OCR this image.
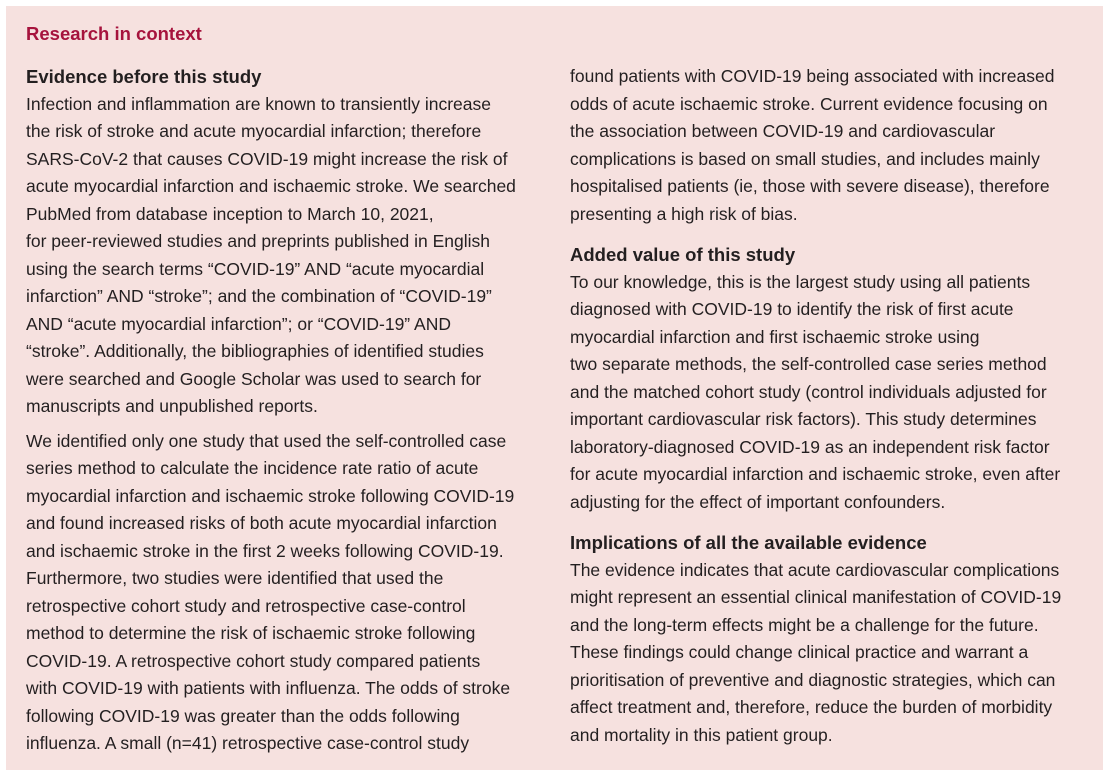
Research in context
Evidence before this study
Infection and inflammation are known to transiently increase
the risk of stroke and acute myocardial infarction; therefore
SARS-CoV-2 that causes COVID-19 might increase the risk of
acute myocardial infarction and ischaemic stroke. We searched
PubMed from database inception to March 10, 2021,
for peer-reviewed studies and preprints published in English
using the search terms “COVID-19” AND “acute myocardial
infarction” AND “stroke”; and the combination of “COVID-19”
AND “acute myocardial infarction”; or “COVID-19” AND
“stroke”. Additionally, the bibliographies of identified studies
were searched and Google Scholar was used to search for
manuscripts and unpublished reports.
We identified only one study that used the self-controlled case
series method to calculate the incidence rate ratio of acute
myocardial infarction and ischaemic stroke following COVID-19
and found increased risks of both acute myocardial infarction
and ischaemic stroke in the first 2 weeks following COVID-19.
Furthermore, two studies were identified that used the
retrospective cohort study and retrospective case-control
method to determine the risk of ischaemic stroke following
COVID-19. A retrospective cohort study compared patients
with COVID-19 with patients with influenza. The odds of stroke
following COVID-19 was greater than the odds following
influenza. A small (n=41) retrospective case-control study
found patients with COVID-19 being associated with increased
odds of acute ischaemic stroke. Current evidence focusing on
the association between COVID-19 and cardiovascular
complications is based on small studies, and includes mainly
hospitalised patients (ie, those with severe disease), therefore
presenting a high risk of bias.
Added value of this study
To our knowledge, this is the largest study using all patients
diagnosed with COVID-19 to identify the risk of first acute
myocardial infarction and first ischaemic stroke using
two separate methods, the self-controlled case series method
and the matched cohort study (control individuals adjusted for
important cardiovascular risk factors). This study determines
laboratory-diagnosed COVID-19 as an independent risk factor
for acute myocardial infarction and ischaemic stroke, even after
adjusting for the effect of important confounders.
Implications of all the available evidence
The evidence indicates that acute cardiovascular complications
might represent an essential clinical manifestation of COVID-19
and the long-term effects might be a challenge for the future.
These findings could change clinical practice and warrant a
prioritisation of preventive and diagnostic strategies, which can
affect treatment and, therefore, reduce the burden of morbidity
and mortality in this patient group.
